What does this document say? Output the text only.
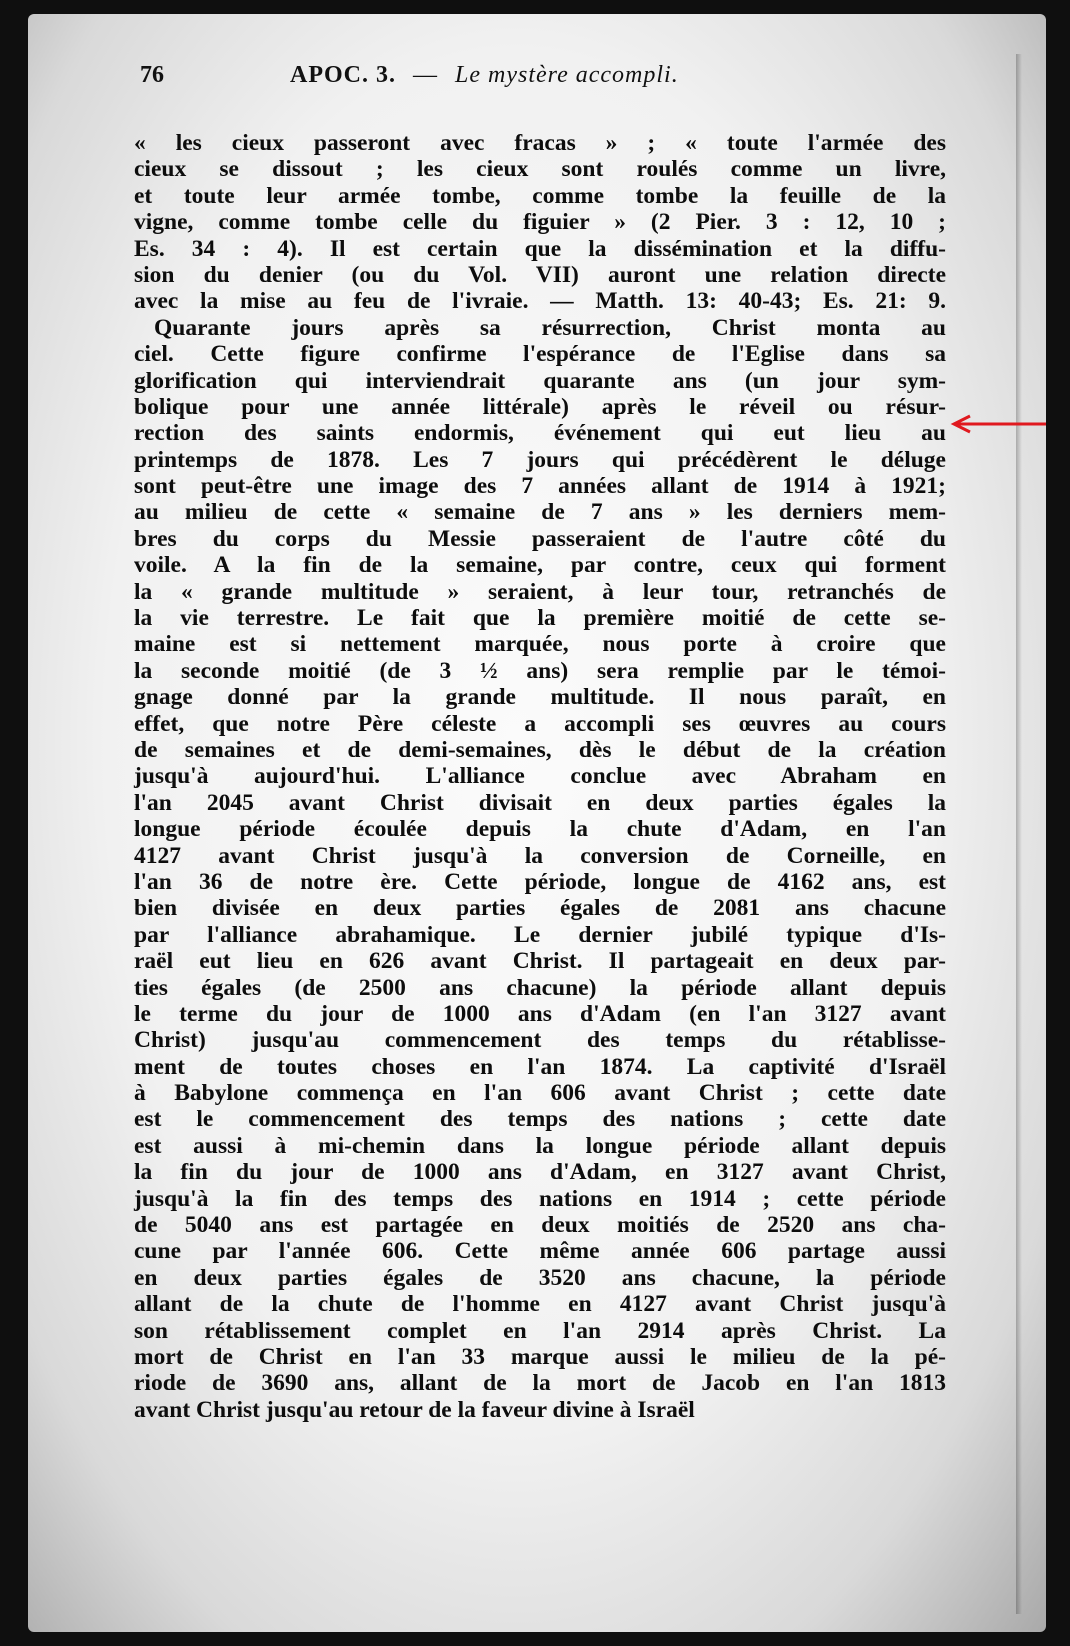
76	APOC. 3. — Le mystère accompli.
« les cieux passeront avec fracas » ; « toute l'armée des
cieux se dissout ; les cieux sont roulés comme un livre,
et toute leur armée tombe, comme tombe la feuille de la
vigne, comme tombe celle du figuier » (2 Pier. 3 : 12, 10 ;
Es. 34 : 4). Il est certain que la dissémination et la diffu-
sion du denier (ou du Vol. VII) auront une relation directe
avec la mise au feu de l'ivraie. — Matth. 13: 40-43; Es. 21: 9.
Quarante jours après sa résurrection, Christ monta au
ciel. Cette figure confirme l'espérance de l'Eglise dans sa
glorification qui interviendrait quarante ans (un jour sym-
bolique pour une année littérale) après le réveil ou résur-
rection des saints endormis, événement qui eut lieu au
printemps de 1878. Les 7 jours qui précédèrent le déluge
sont peut-être une image des 7 années allant de 1914 à 1921;
au milieu de cette « semaine de 7 ans » les derniers mem-
bres du corps du Messie passeraient de l'autre côté du
voile. A la fin de la semaine, par contre, ceux qui forment
la « grande multitude » seraient, à leur tour, retranchés de
la vie terrestre. Le fait que la première moitié de cette se-
maine est si nettement marquée, nous porte à croire que
la seconde moitié (de 3 ½ ans) sera remplie par le témoi-
gnage donné par la grande multitude. Il nous paraît, en
effet, que notre Père céleste a accompli ses œuvres au cours
de semaines et de demi-semaines, dès le début de la création
jusqu'à aujourd'hui. L'alliance conclue avec Abraham en
l'an 2045 avant Christ divisait en deux parties égales la
longue période écoulée depuis la chute d'Adam, en l'an
4127 avant Christ jusqu'à la conversion de Corneille, en
l'an 36 de notre ère. Cette période, longue de 4162 ans, est
bien divisée en deux parties égales de 2081 ans chacune
par l'alliance abrahamique. Le dernier jubilé typique d'Is-
raël eut lieu en 626 avant Christ. Il partageait en deux par-
ties égales (de 2500 ans chacune) la période allant depuis
le terme du jour de 1000 ans d'Adam (en l'an 3127 avant
Christ) jusqu'au commencement des temps du rétablisse-
ment de toutes choses en l'an 1874. La captivité d'Israël
à Babylone commença en l'an 606 avant Christ ; cette date
est le commencement des temps des nations ; cette date
est aussi à mi-chemin dans la longue période allant depuis
la fin du jour de 1000 ans d'Adam, en 3127 avant Christ,
jusqu'à la fin des temps des nations en 1914 ; cette période
de 5040 ans est partagée en deux moitiés de 2520 ans cha-
cune par l'année 606. Cette même année 606 partage aussi
en deux parties égales de 3520 ans chacune, la période
allant de la chute de l'homme en 4127 avant Christ jusqu'à
son rétablissement complet en l'an 2914 après Christ. La
mort de Christ en l'an 33 marque aussi le milieu de la pé-
riode de 3690 ans, allant de la mort de Jacob en l'an 1813
avant Christ jusqu'au retour de la faveur divine à Israël
